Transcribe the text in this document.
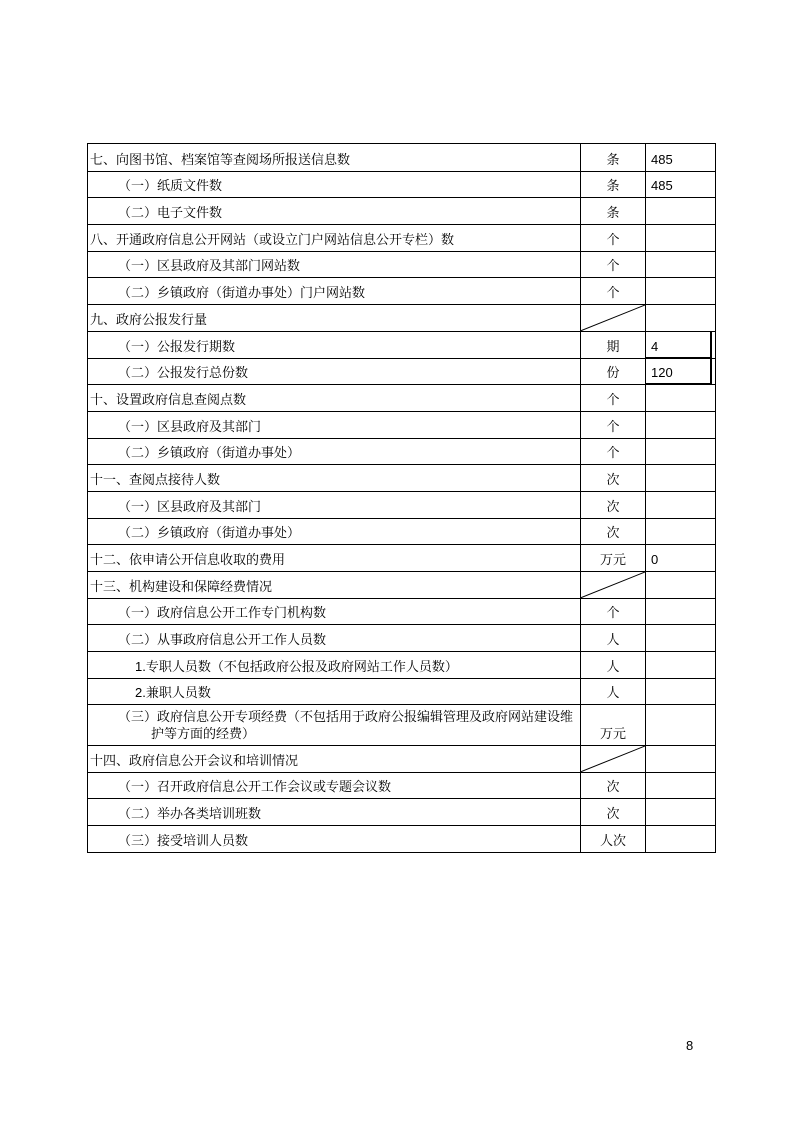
七、向图书馆、档案馆等查阅场所报送信息数	条 485
（一）纸质文件数	条 485
（二）电子文件数	条
八、开通政府信息公开网站（或设立门户网站信息公开专栏）数	个
（一）区县政府及其部门网站数	个
（二）乡镇政府（街道办事处）门户网站数	个
九、政府公报发行量
（一）公报发行期数	期 4
（二）公报发行总份数	份 120
十、设置政府信息查阅点数	个
（一）区县政府及其部门	个
（二）乡镇政府（街道办事处）	个
十一、查阅点接待人数	次
（一）区县政府及其部门	次
（二）乡镇政府（街道办事处）	次
十二、依申请公开信息收取的费用	万元 0
十三、机构建设和保障经费情况
（一）政府信息公开工作专门机构数	个
（二）从事政府信息公开工作人员数	人
1.专职人员数（不包括政府公报及政府网站工作人员数）	人
2.兼职人员数	人
（三）政府信息公开专项经费（不包括用于政府公报编辑管理及政府网站建设维护等方面的经费）	万元
十四、政府信息公开会议和培训情况
（一）召开政府信息公开工作会议或专题会议数	次
（二）举办各类培训班数	次
（三）接受培训人员数	人次
8
